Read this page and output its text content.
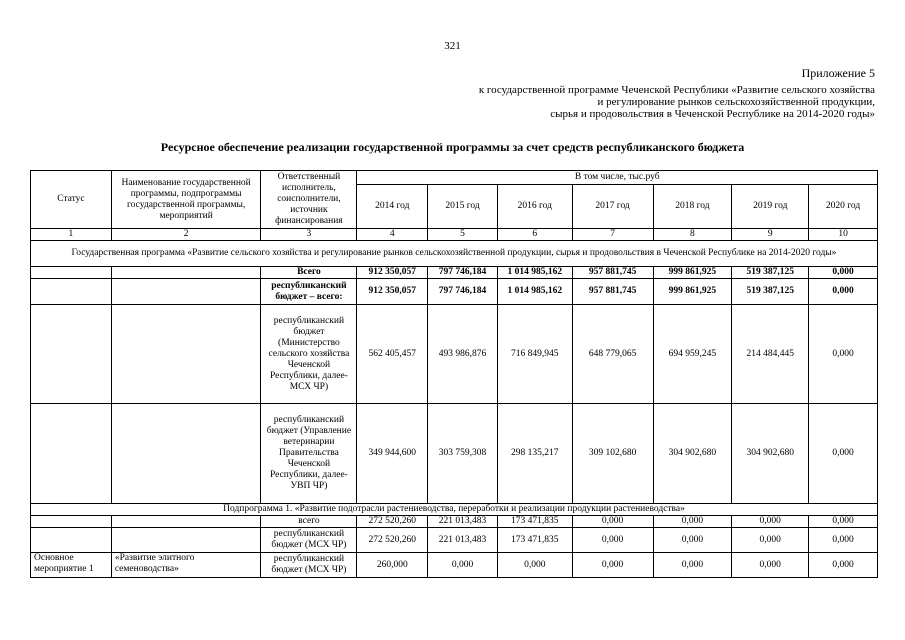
321
Приложение 5
к государственной программе Чеченской Республики «Развитие сельского хозяйства
и регулирование рынков сельскохозяйственной продукции,
сырья и продовольствия в Чеченской Республике на 2014-2020 годы»
Ресурсное обеспечение реализации государственной программы за счет средств республиканского бюджета
Статус	Наименование государственной программы, подпрограммы государственной программы, мероприятий	Ответственный исполнитель, соисполнители, источник финансирования	В том числе, тыс.руб						
			2014 год	2015 год	2016 год	2017 год	2018 год	2019 год	2020 год
1	2	3	4	5	6	7	8	9	10
Государственная программа «Развитие сельского хозяйства и регулирование рынков сельскохозяйственной продукции, сырья и продовольствия в Чеченской Республике на 2014-2020 годы»									
		Всего	912 350,057	797 746,184	1 014 985,162	957 881,745	999 861,925	519 387,125	0,000
		республиканский бюджет – всего:	912 350,057	797 746,184	1 014 985,162	957 881,745	999 861,925	519 387,125	0,000
		республиканский бюджет (Министерство сельского хозяйства Чеченской Республики, далее-МСХ ЧР)	562 405,457	493 986,876	716 849,945	648 779,065	694 959,245	214 484,445	0,000
		республиканский бюджет (Управление ветеринарии Правительства Чеченской Республики, далее-УВП ЧР)	349 944,600	303 759,308	298 135,217	309 102,680	304 902,680	304 902,680	0,000
Подпрограмма 1. «Развитие подотрасли растениеводства, переработки и реализации продукции растениеводства»									
		всего	272 520,260	221 013,483	173 471,835	0,000	0,000	0,000	0,000
		республиканский бюджет (МСХ ЧР)	272 520,260	221 013,483	173 471,835	0,000	0,000	0,000	0,000
Основное мероприятие 1	«Развитие элитного семеноводства»	республиканский бюджет (МСХ ЧР)	260,000	0,000	0,000	0,000	0,000	0,000	0,000
